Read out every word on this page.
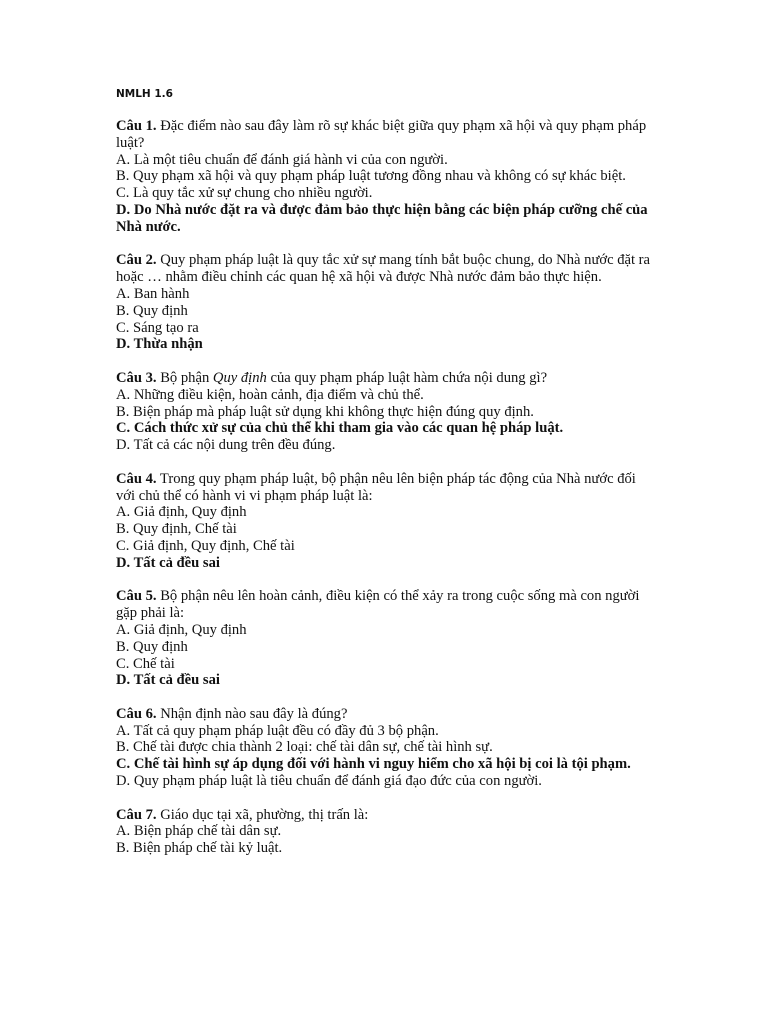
NMLH 1.6

Câu 1. Đặc điểm nào sau đây làm rõ sự khác biệt giữa quy phạm xã hội và quy phạm pháp luật?

A. Là một tiêu chuẩn để đánh giá hành vi của con người.

B. Quy phạm xã hội và quy phạm pháp luật tương đồng nhau và không có sự khác biệt.

C. Là quy tắc xử sự chung cho nhiều người.

D. Do Nhà nước đặt ra và được đảm bảo thực hiện bằng các biện pháp cưỡng chế của Nhà nước.

Câu 2. Quy phạm pháp luật là quy tắc xử sự mang tính bắt buộc chung, do Nhà nước đặt ra hoặc … nhằm điều chỉnh các quan hệ xã hội và được Nhà nước đảm bảo thực hiện.

A. Ban hành

B. Quy định

C. Sáng tạo ra

D. Thừa nhận

Câu 3. Bộ phận Quy định của quy phạm pháp luật hàm chứa nội dung gì?

A. Những điều kiện, hoàn cảnh, địa điểm và chủ thể.

B. Biện pháp mà pháp luật sử dụng khi không thực hiện đúng quy định.

C. Cách thức xử sự của chủ thể khi tham gia vào các quan hệ pháp luật.

D. Tất cả các nội dung trên đều đúng.

Câu 4. Trong quy phạm pháp luật, bộ phận nêu lên biện pháp tác động của Nhà nước đối với chủ thể có hành vi vi phạm pháp luật là:

A. Giả định, Quy định

B. Quy định, Chế tài

C. Giả định, Quy định, Chế tài

D. Tất cả đều sai

Câu 5. Bộ phận nêu lên hoàn cảnh, điều kiện có thể xảy ra trong cuộc sống mà con người gặp phải là:

A. Giả định, Quy định

B. Quy định

C. Chế tài

D. Tất cả đều sai

Câu 6. Nhận định nào sau đây là đúng?

A. Tất cả quy phạm pháp luật đều có đầy đủ 3 bộ phận.

B. Chế tài được chia thành 2 loại: chế tài dân sự, chế tài hình sự.

C. Chế tài hình sự áp dụng đối với hành vi nguy hiểm cho xã hội bị coi là tội phạm.

D. Quy phạm pháp luật là tiêu chuẩn để đánh giá đạo đức của con người.

Câu 7. Giáo dục tại xã, phường, thị trấn là:

A. Biện pháp chế tài dân sự.

B. Biện pháp chế tài kỷ luật.
